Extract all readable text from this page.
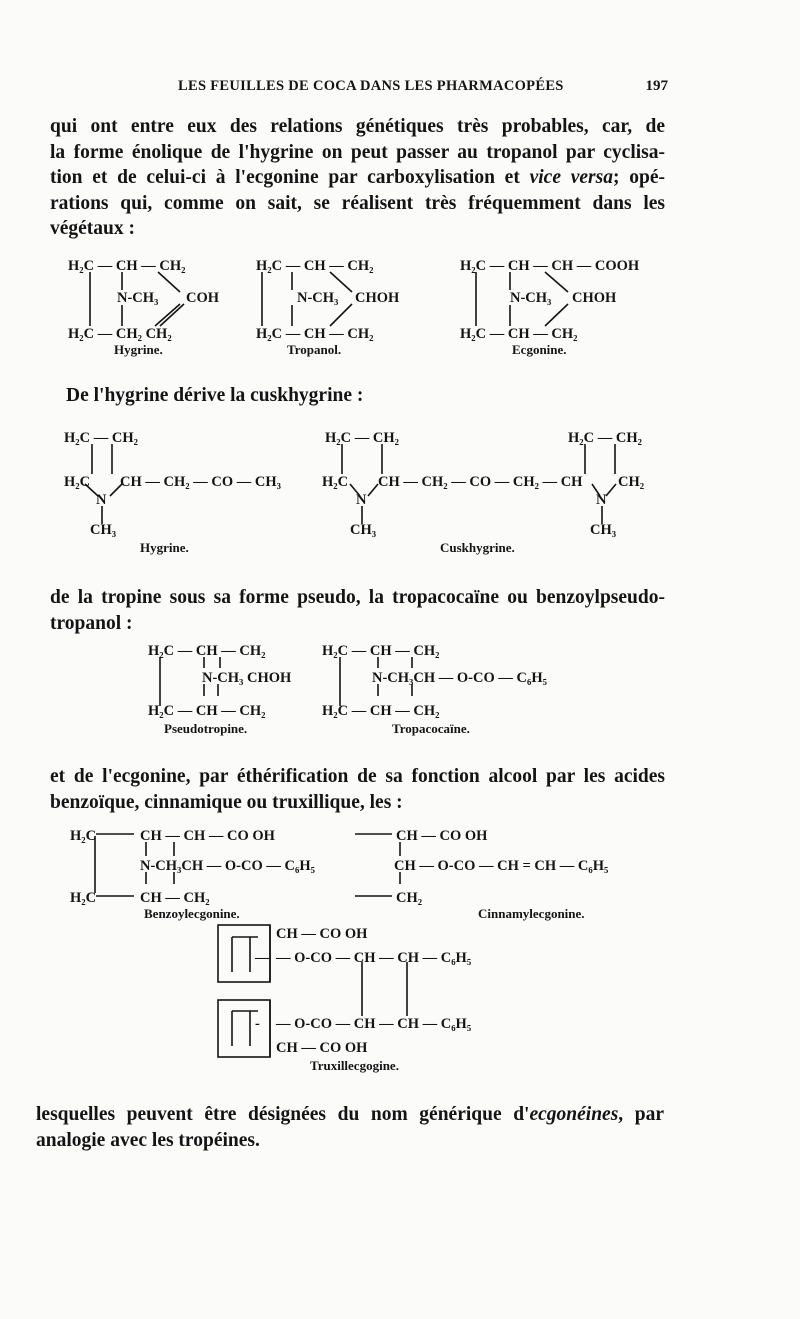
LES FEUILLES DE COCA DANS LES PHARMACOPÉES	197
qui ont entre eux des relations génétiques très probables, car, de
la forme énolique de l'hygrine on peut passer au tropanol par cyclisa-
tion et de celui-ci à l'ecgonine par carboxylisation et vice versa; opé-
rations qui, comme on sait, se réalisent très fréquemment dans les
végétaux :
De l'hygrine dérive la cuskhygrine :
de la tropine sous sa forme pseudo, la tropacocaïne ou benzoylpseudo-
tropanol :
et de l'ecgonine, par éthérification de sa fonction alcool par les acides
benzoïque, cinnamique ou truxillique, les :
lesquelles peuvent être désignées du nom générique d'ecgonéines, par
analogie avec les tropéines.
H₂C — CH — CH₂
N-CH₃ COH
H₂C — CH₂ CH₂
Hygrine.
H₂C — CH — CH₂
N-CH₃ CHOH
H₂C — CH — CH₂
Tropanol.
H₂C — CH — CH — COOH
N-CH₃ CHOH
H₂C — CH — CH₂
Ecgonine.
H₂C — CH₂
H₂C CH — CH₂ — CO — CH₃
N
CH₃
Hygrine.
H₂C — CH₂	H₂C — CH₂
H₂C CH — CH₂ — CO — CH₂ — CH CH₂
N	N
CH₃	CH₃
Cuskhygrine.
H₂C — CH — CH₂
N-CH₃ CHOH
H₂C — CH — CH₂
Pseudotropine.
H₂C — CH — CH₂
N-CH₃CH — O-CO — C₆H₅
H₂C — CH — CH₂
Tropacocaïne.
H₂C	CH — CH — CO OH
N-CH₃CH — O-CO — C₆H₅
H₂C	CH — CH₂
Benzoylecgonine.
CH — CO OH
CH — O-CO — CH = CH — C₆H₅
CH₂
Cinnamylecgonine.
CH — CO OH
— O-CO — CH — CH — C₆H₅
— O-CO — CH — CH — C₆H₅
CH — CO OH
Truxillecgogine.
—
-
